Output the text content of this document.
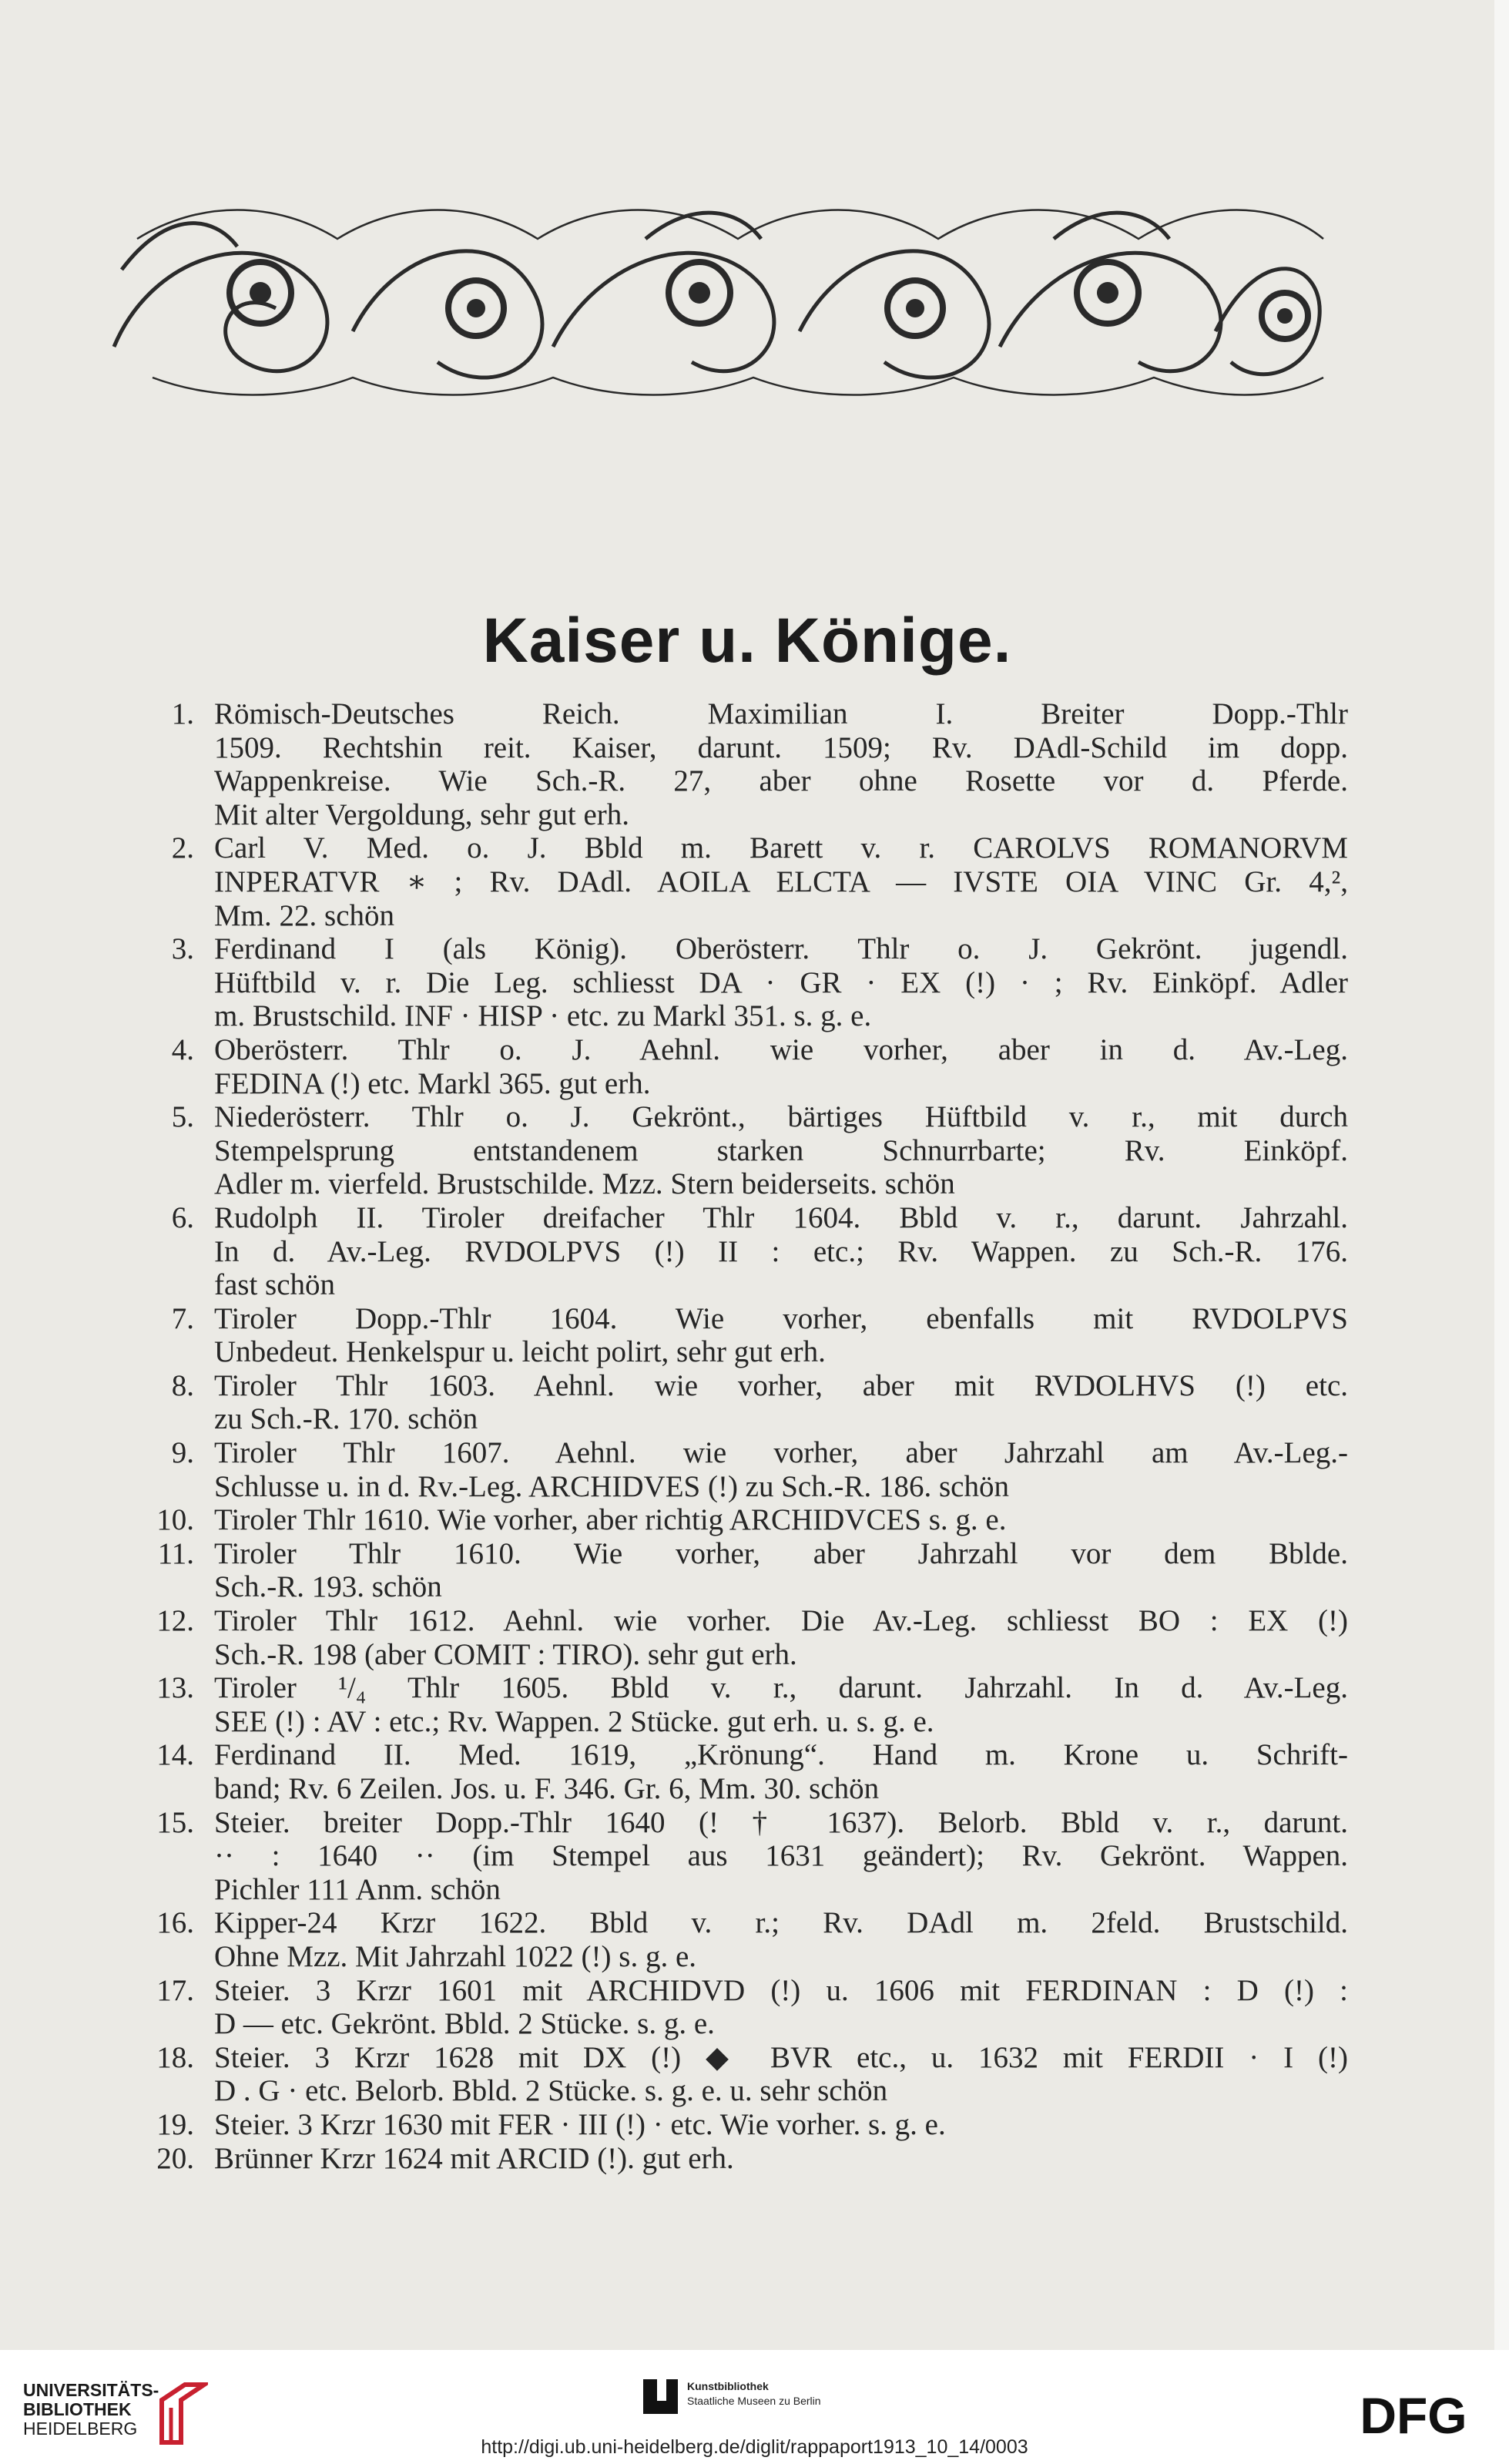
Kaiser u. Könige.
1. Römisch-Deutsches Reich. Maximilian I. Breiter Dopp.-Thlr
1509. Rechtshin reit. Kaiser, darunt. 1509; Rv. DAdl-Schild im dopp.
Wappenkreise. Wie Sch.-R. 27, aber ohne Rosette vor d. Pferde.
Mit alter Vergoldung, sehr gut erh.
2. Carl V. Med. o. J. Bbld m. Barett v. r. CAROLVS ROMANORVM
INPERATVR ∗ ; Rv. DAdl. AOILA ELCTA — IVSTE OIA VINC Gr. 4,²,
Mm. 22. schön
3. Ferdinand I (als König). Oberösterr. Thlr o. J. Gekrönt. jugendl.
Hüftbild v. r. Die Leg. schliesst DA · GR · EX (!) · ; Rv. Einköpf. Adler
m. Brustschild. INF · HISP · etc. zu Markl 351. s. g. e.
4. Oberösterr. Thlr o. J. Aehnl. wie vorher, aber in d. Av.-Leg.
FEDINA (!) etc. Markl 365. gut erh.
5. Niederösterr. Thlr o. J. Gekrönt., bärtiges Hüftbild v. r., mit durch
Stempelsprung entstandenem starken Schnurrbarte; Rv. Einköpf.
Adler m. vierfeld. Brustschilde. Mzz. Stern beiderseits. schön
6. Rudolph II. Tiroler dreifacher Thlr 1604. Bbld v. r., darunt. Jahrzahl.
In d. Av.-Leg. RVDOLPVS (!) II : etc.; Rv. Wappen. zu Sch.-R. 176.
fast schön
7. Tiroler Dopp.-Thlr 1604. Wie vorher, ebenfalls mit RVDOLPVS
Unbedeut. Henkelspur u. leicht polirt, sehr gut erh.
8. Tiroler Thlr 1603. Aehnl. wie vorher, aber mit RVDOLHVS (!) etc.
zu Sch.-R. 170. schön
9. Tiroler Thlr 1607. Aehnl. wie vorher, aber Jahrzahl am Av.-Leg.-
Schlusse u. in d. Rv.-Leg. ARCHIDVES (!) zu Sch.-R. 186. schön
10. Tiroler Thlr 1610. Wie vorher, aber richtig ARCHIDVCES s. g. e.
11. Tiroler Thlr 1610. Wie vorher, aber Jahrzahl vor dem Bblde.
Sch.-R. 193. schön
12. Tiroler Thlr 1612. Aehnl. wie vorher. Die Av.-Leg. schliesst BO : EX (!)
Sch.-R. 198 (aber COMIT : TIRO). sehr gut erh.
13. Tiroler ¹/₄ Thlr 1605. Bbld v. r., darunt. Jahrzahl. In d. Av.-Leg.
SEE (!) : AV : etc.; Rv. Wappen. 2 Stücke. gut erh. u. s. g. e.
14. Ferdinand II. Med. 1619, „Krönung“. Hand m. Krone u. Schrift-
band; Rv. 6 Zeilen. Jos. u. F. 346. Gr. 6, Mm. 30. schön
15. Steier. breiter Dopp.-Thlr 1640 (! † 1637). Belorb. Bbld v. r., darunt.
·· : 1640 ·· (im Stempel aus 1631 geändert); Rv. Gekrönt. Wappen.
Pichler 111 Anm. schön
16. Kipper-24 Krzr 1622. Bbld v. r.; Rv. DAdl m. 2feld. Brustschild.
Ohne Mzz. Mit Jahrzahl 1022 (!) s. g. e.
17. Steier. 3 Krzr 1601 mit ARCHIDVD (!) u. 1606 mit FERDINAN : D (!) :
D — etc. Gekrönt. Bbld. 2 Stücke. s. g. e.
18. Steier. 3 Krzr 1628 mit DX (!) ◆ BVR etc., u. 1632 mit FERDII · I (!)
D . G · etc. Belorb. Bbld. 2 Stücke. s. g. e. u. sehr schön
19. Steier. 3 Krzr 1630 mit FER · III (!) · etc. Wie vorher. s. g. e.
20. Brünner Krzr 1624 mit ARCID (!). gut erh.
UNIVERSITÄTS-
BIBLIOTHEK
HEIDELBERG
Kunstbibliothek
Staatliche Museen zu Berlin	DFG
http://digi.ub.uni-heidelberg.de/diglit/rappaport1913_10_14/0003
